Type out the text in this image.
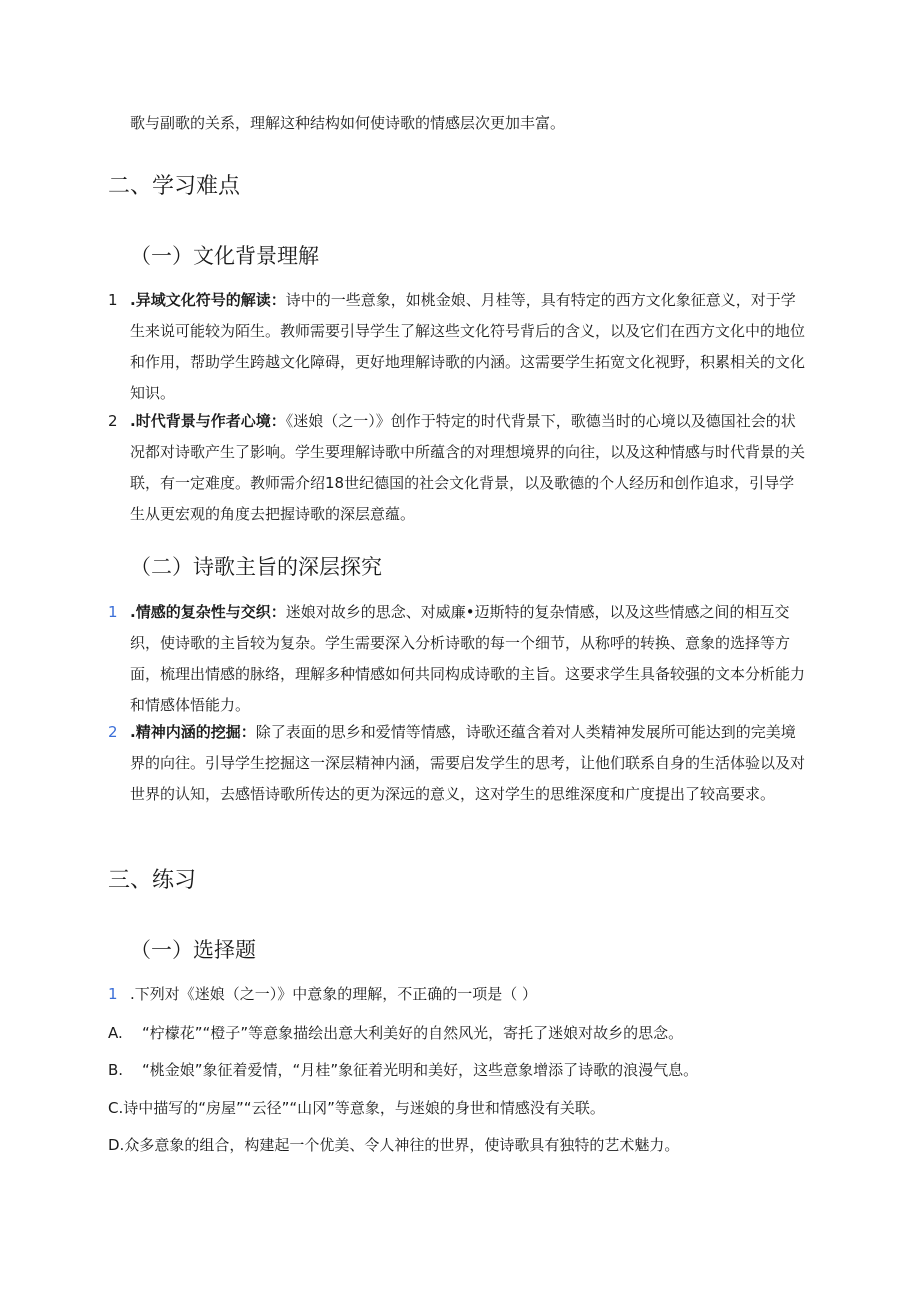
歌与副歌的关系，理解这种结构如何使诗歌的情感层次更加丰富。
二、学习难点
（一）文化背景理解
1 .异域文化符号的解读：诗中的一些意象，如桃金娘、月桂等，具有特定的西方文化象征意义，对于学生来说可能较为陌生。教师需要引导学生了解这些文化符号背后的含义，以及它们在西方文化中的地位和作用，帮助学生跨越文化障碍，更好地理解诗歌的内涵。这需要学生拓宽文化视野，积累相关的文化知识。
2 .时代背景与作者心境：《迷娘（之一）》创作于特定的时代背景下，歌德当时的心境以及德国社会的状况都对诗歌产生了影响。学生要理解诗歌中所蕴含的对理想境界的向往，以及这种情感与时代背景的关联，有一定难度。教师需介绍18世纪德国的社会文化背景，以及歌德的个人经历和创作追求，引导学生从更宏观的角度去把握诗歌的深层意蕴。
（二）诗歌主旨的深层探究
1 .情感的复杂性与交织：迷娘对故乡的思念、对威廉•迈斯特的复杂情感，以及这些情感之间的相互交织，使诗歌的主旨较为复杂。学生需要深入分析诗歌的每一个细节，从称呼的转换、意象的选择等方面，梳理出情感的脉络，理解多种情感如何共同构成诗歌的主旨。这要求学生具备较强的文本分析能力和情感体悟能力。
2 .精神内涵的挖掘：除了表面的思乡和爱情等情感，诗歌还蕴含着对人类精神发展所可能达到的完美境界的向往。引导学生挖掘这一深层精神内涵，需要启发学生的思考，让他们联系自身的生活体验以及对世界的认知，去感悟诗歌所传达的更为深远的意义，这对学生的思维深度和广度提出了较高要求。
三、练习
（一）选择题
1 .下列对《迷娘（之一）》中意象的理解，不正确的一项是（ ）
A. “柠檬花”“橙子”等意象描绘出意大利美好的自然风光，寄托了迷娘对故乡的思念。
B. “桃金娘”象征着爱情，“月桂”象征着光明和美好，这些意象增添了诗歌的浪漫气息。
C.诗中描写的“房屋”“云径”“山冈”等意象，与迷娘的身世和情感没有关联。
D.众多意象的组合，构建起一个优美、令人神往的世界，使诗歌具有独特的艺术魅力。
